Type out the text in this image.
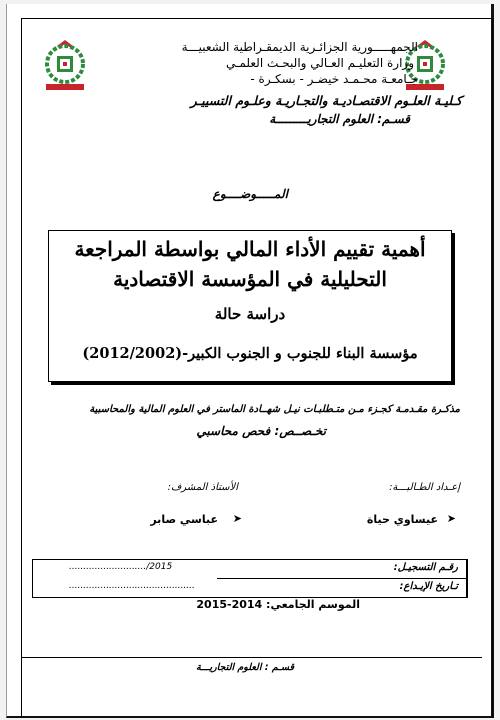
الجمهـــــورية الجزائـرية الديمقـراطية الشعبيـــة
وزارة التعليـم العـالي والبحـث العلمـي
جـامعـة محـمـد خيضـر - بسكـرة -
كـليـة العلـوم الاقتصـاديـة والتجـاريـة وعلـوم التسييـر
قسـم: العلوم التجاريـــــــــة
المـــــوضــــوع
أهمية تقييم الأداء المالي بواسطة المراجعة
التحليلية في المؤسسة الاقتصادية
دراسة حالة
مؤسسة البناء للجنوب و الجنوب الكبير-(2012/2002)
مذكـرة مقـدمـة كجـزء مـن متـطلبـات نيـل شهــادة الماستر في العلوم المالية والمحاسبية
تخـصــص: فحص محاسبي
إعـداد الطـالبـــة:
الأستاذ المشرف:
➤
عيساوي حياة
➤
عباسي صابر
رقـم التسجيـل:
.........................../2015
تـاريخ الإيـداع:
............................................
الموسم الجامعي: 2014-2015
قسـم : العلوم التجاريـــة
